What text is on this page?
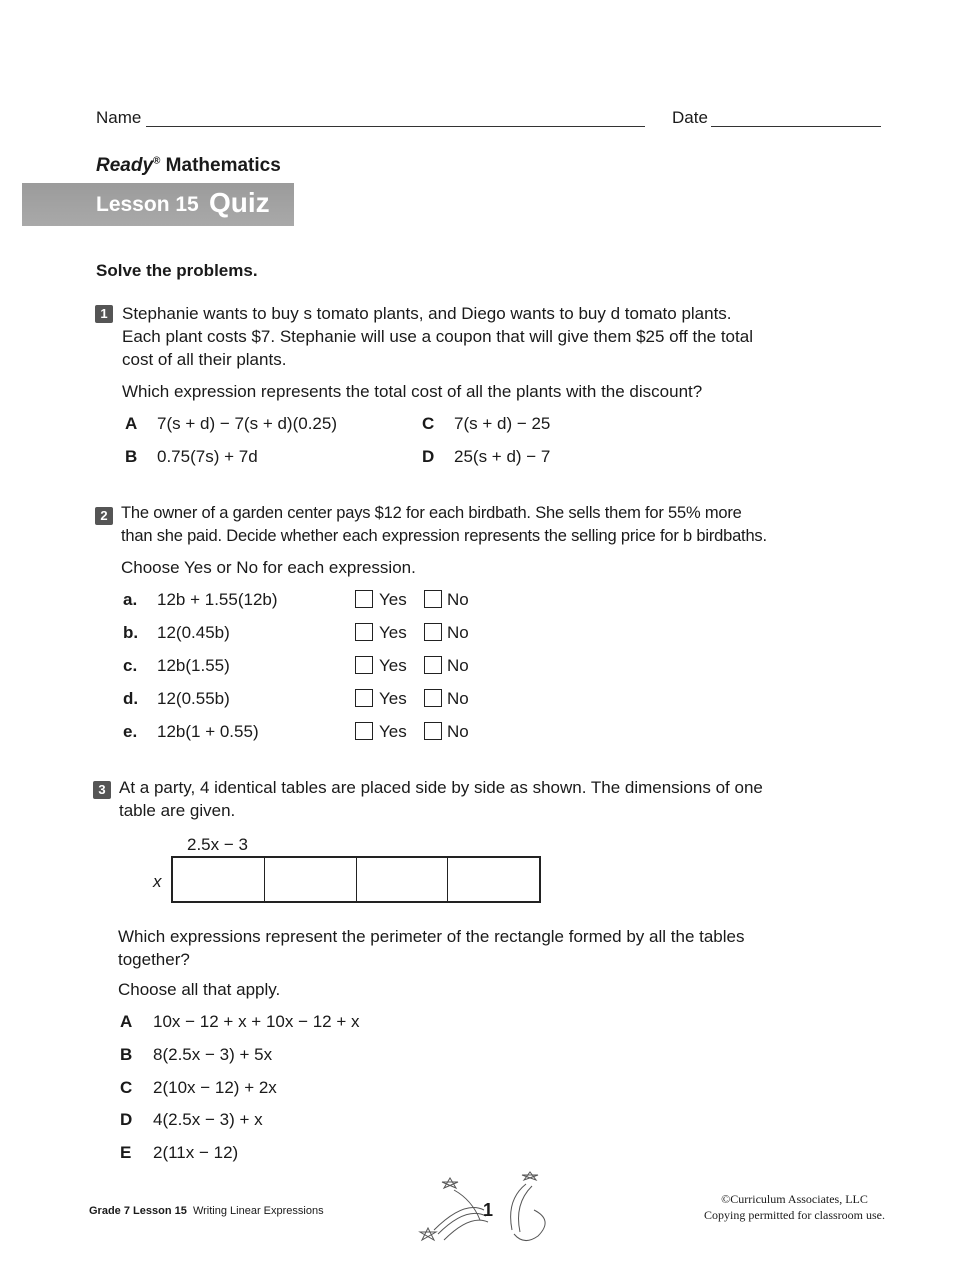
Name	Date
Ready® Mathematics
Lesson 15 Quiz
Solve the problems.
1 Stephanie wants to buy s tomato plants, and Diego wants to buy d tomato plants.
Each plant costs $7. Stephanie will use a coupon that will give them $25 off the total
cost of all their plants.
Which expression represents the total cost of all the plants with the discount?
A 7(s + d) − 7(s + d)(0.25)
B 0.75(7s) + 7d
C 7(s + d) − 25
D 25(s + d) − 7
2 The owner of a garden center pays $12 for each birdbath. She sells them for 55% more
than she paid. Decide whether each expression represents the selling price for b birdbaths.
Choose Yes or No for each expression.
a. 12b + 1.55(12b)	Yes No
b. 12(0.45b)	Yes No
c. 12b(1.55)	Yes No
d. 12(0.55b)	Yes No
e. 12b(1 + 0.55)	Yes No
3 At a party, 4 identical tables are placed side by side as shown. The dimensions of one
table are given.
2.5x − 3
x
Which expressions represent the perimeter of the rectangle formed by all the tables
together?
Choose all that apply.
A 10x − 12 + x + 10x − 12 + x
B 8(2.5x − 3) + 5x
C 2(10x − 12) + 2x
D 4(2.5x − 3) + x
E 2(11x − 12)
Grade 7 Lesson 15 Writing Linear Expressions	1
©Curriculum Associates, LLC
Copying permitted for classroom use.
